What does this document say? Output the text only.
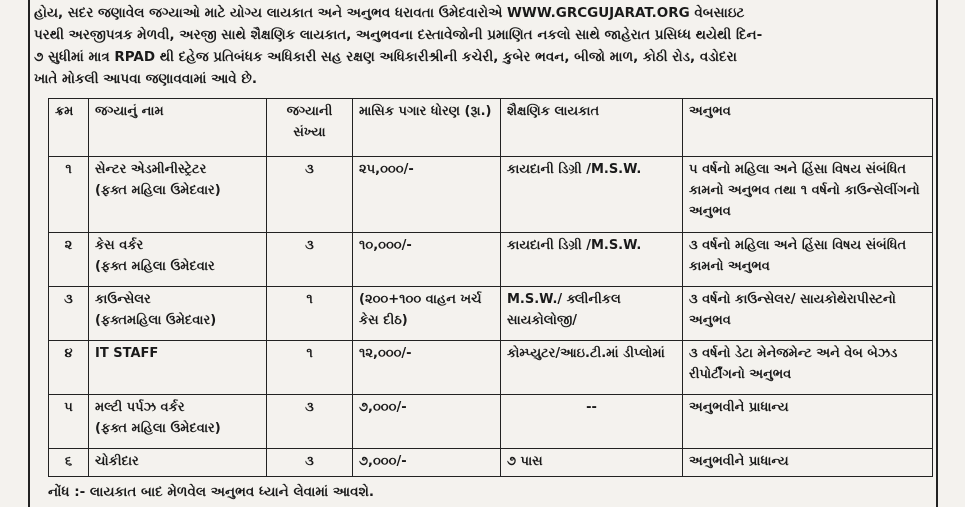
હોય, સદર જણાવેલ જગ્યાઓ માટે યોગ્ય લાયકાત અને અનુભવ ધરાવતા ઉમેદવારોએ WWW.GRCGUJARAT.ORG વેબસાઇટ

પરથી અરજીપત્રક મેળવી, અરજી સાથે શૈક્ષણિક લાયકાત, અનુભવના દસ્તાવેજોની પ્રમાણિત નકલો સાથે જાહેરાત પ્રસિધ્ધ થયેથી દિન-

૭ સુધીમાં માત્ર RPAD થી દહેજ પ્રતિબંધક અધિકારી સહ રક્ષણ અધિકારીશ્રીની કચેરી, કુબેર ભવન, બીજો માળ, કોઠી રોડ, વડોદરા

ખાતે મોકલી આપવા જણાવવામાં આવે છે.

ક્રમ	જગ્યાનું નામ	જગ્યાની સંખ્યા	માસિક પગાર ધોરણ (રૂા.)	શૈક્ષણિક લાયકાત	અનુભવ
૧	સેન્ટર એડમીનીસ્ટ્રેટર
(ફક્ત મહિલા ઉમેદવાર)	૩	૨૫,૦૦૦/-	કાયદાની ડિગ્રી /M.S.W.	૫ વર્ષનો મહિલા અને હિંસા વિષય સંબંધિત કામનો અનુભવ તથા ૧ વર્ષનો કાઉન્સેલીંગનો અનુભવ
૨	કેસ વર્કર
(ફક્ત મહિલા ઉમેદવાર	૩	૧૦,૦૦૦/-	કાયદાની ડિગ્રી /M.S.W.	૩ વર્ષનો મહિલા અને હિંસા વિષય સંબંધિત કામનો અનુભવ
૩	કાઉન્સેલર
(ફક્તમહિલા ઉમેદવાર)	૧	(૨૦૦+૧૦૦ વાહન ખર્ચ કેસ દીઠ)	M.S.W./ ક્લીનીકલ સાયકોલોજી/	૩ વર્ષનો કાઉન્સેલર/ સાયકોથેરાપીસ્ટનો અનુભવ
૪	IT STAFF	૧	૧૨,૦૦૦/-	કોમ્પ્યુટર/આઇ.ટી.માં ડીપ્લોમાં	૩ વર્ષનો ડેટા મેનેજમેન્ટ અને વેબ બેઝડ રીપોર્ટીંગનો અનુભવ
૫	મલ્ટી પર્પઝ વર્કર
(ફક્ત મહિલા ઉમેદવાર)	૩	૭,૦૦૦/-	--	અનુભવીને પ્રાધાન્ય
૬	ચોકીદાર	૩	૭,૦૦૦/-	૭ પાસ	અનુભવીને પ્રાધાન્ય
નોંધ :- લાયકાત બાદ મેળવેલ અનુભવ ધ્યાને લેવામાં આવશે.
